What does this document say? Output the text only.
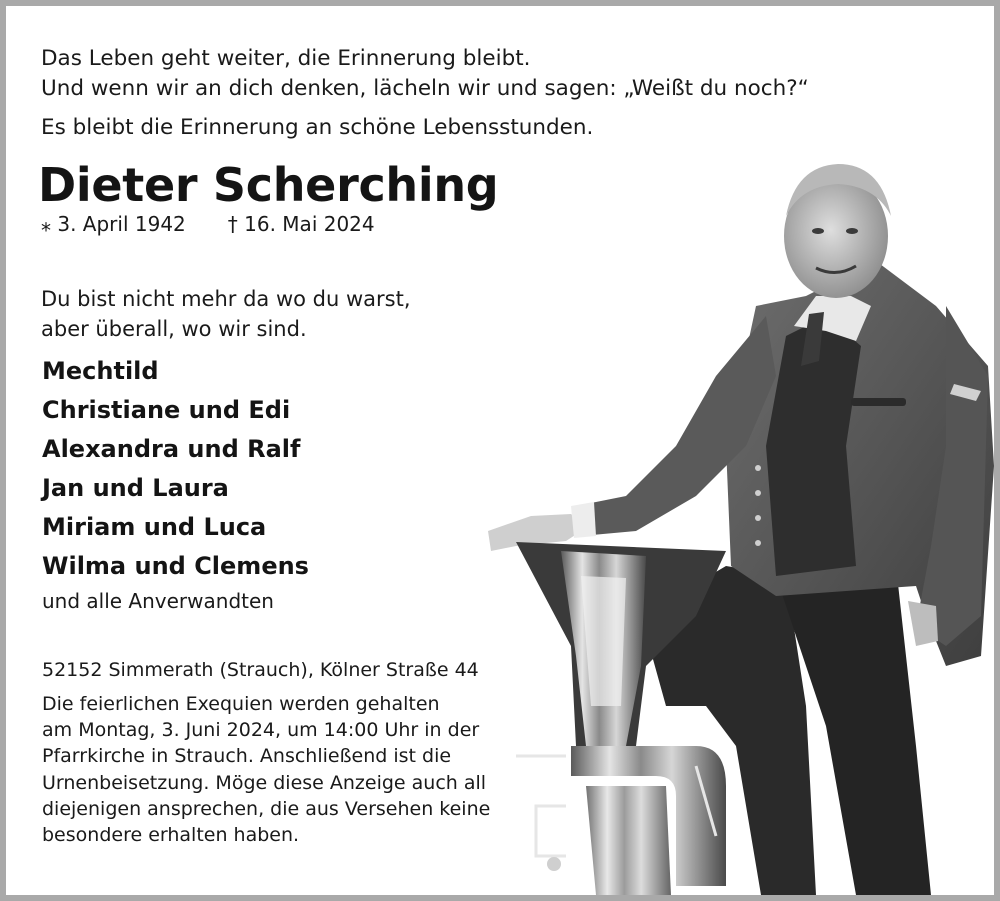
Das Leben geht weiter, die Erinnerung bleibt.
Und wenn wir an dich denken, lächeln wir und sagen: „Weißt du noch?“
Es bleibt die Erinnerung an schöne Lebensstunden.
Dieter Scherching
⁎ 3. April 1942 † 16. Mai 2024
Du bist nicht mehr da wo du warst,
aber überall, wo wir sind.
Mechtild
Christiane und Edi
Alexandra und Ralf
Jan und Laura
Miriam und Luca
Wilma und Clemens
und alle Anverwandten
52152 Simmerath (Strauch), Kölner Straße 44
Die feierlichen Exequien werden gehalten
am Montag, 3. Juni 2024, um 14:00 Uhr in der
Pfarrkirche in Strauch. Anschließend ist die
Urnenbeisetzung. Möge diese Anzeige auch all
diejenigen ansprechen, die aus Versehen keine
besondere erhalten haben.
